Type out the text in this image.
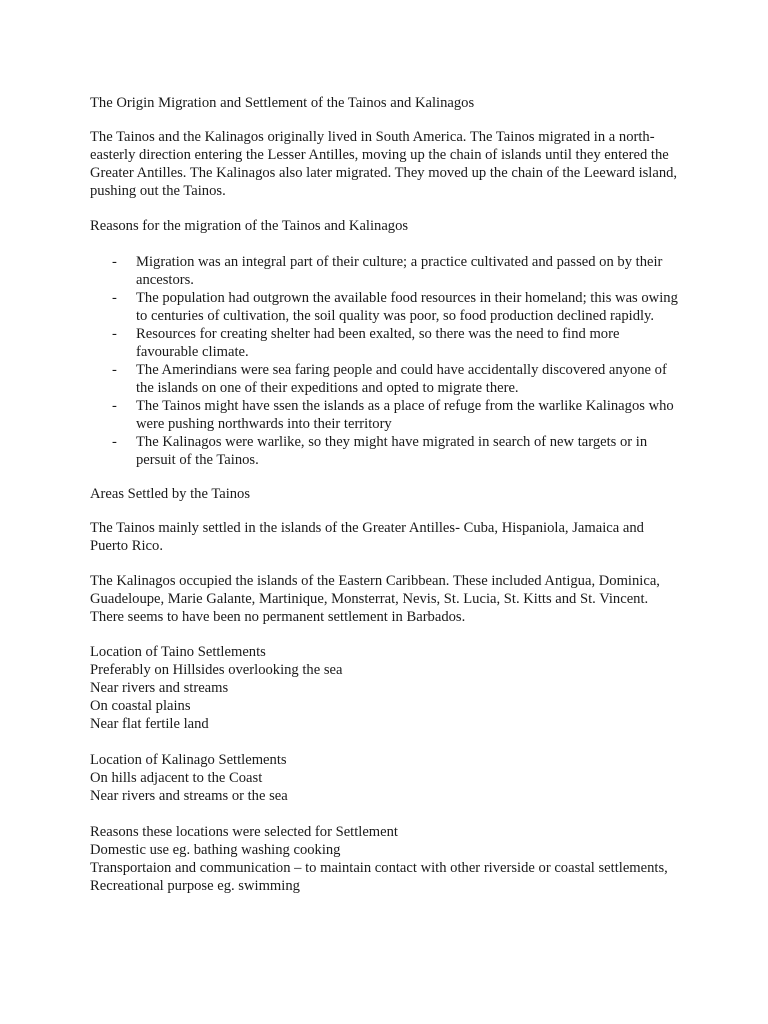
The Origin Migration and Settlement of the Tainos and Kalinagos

The Tainos and the Kalinagos originally lived in South America. The Tainos migrated in a north-easterly direction entering the Lesser Antilles, moving up the chain of islands until they entered the Greater Antilles. The Kalinagos also later migrated. They moved up the chain of the Leeward island, pushing out the Tainos.

Reasons for the migration of the Tainos and Kalinagos

- Migration was an integral part of their culture; a practice cultivated and passed on by their ancestors.
- The population had outgrown the available food resources in their homeland; this was owing to centuries of cultivation, the soil quality was poor, so food production declined rapidly.
- Resources for creating shelter had been exalted, so there was the need to find more favourable climate.
- The Amerindians were sea faring people and could have accidentally discovered anyone of the islands on one of their expeditions and opted to migrate there.
- The Tainos might have ssen the islands as a place of refuge from the warlike Kalinagos who were pushing northwards into their territory
- The Kalinagos were warlike, so they might have migrated in search of new targets or in persuit of the Tainos.

Areas Settled by the Tainos

The Tainos mainly settled in the islands of the Greater Antilles- Cuba, Hispaniola, Jamaica and Puerto Rico.

The Kalinagos occupied the islands of the Eastern Caribbean. These included Antigua, Dominica, Guadeloupe, Marie Galante, Martinique, Monsterrat, Nevis, St. Lucia, St. Kitts and St. Vincent. There seems to have been no permanent settlement in Barbados.

Location of Taino Settlements
Preferably on Hillsides overlooking the sea
Near rivers and streams
On coastal plains
Near flat fertile land
Location of Kalinago Settlements
On hills adjacent to the Coast
Near rivers and streams or the sea
Reasons these locations were selected for Settlement
Domestic use eg. bathing washing cooking
Transportaion and communication – to maintain contact with other riverside or coastal settlements,
Recreational purpose eg. swimming
